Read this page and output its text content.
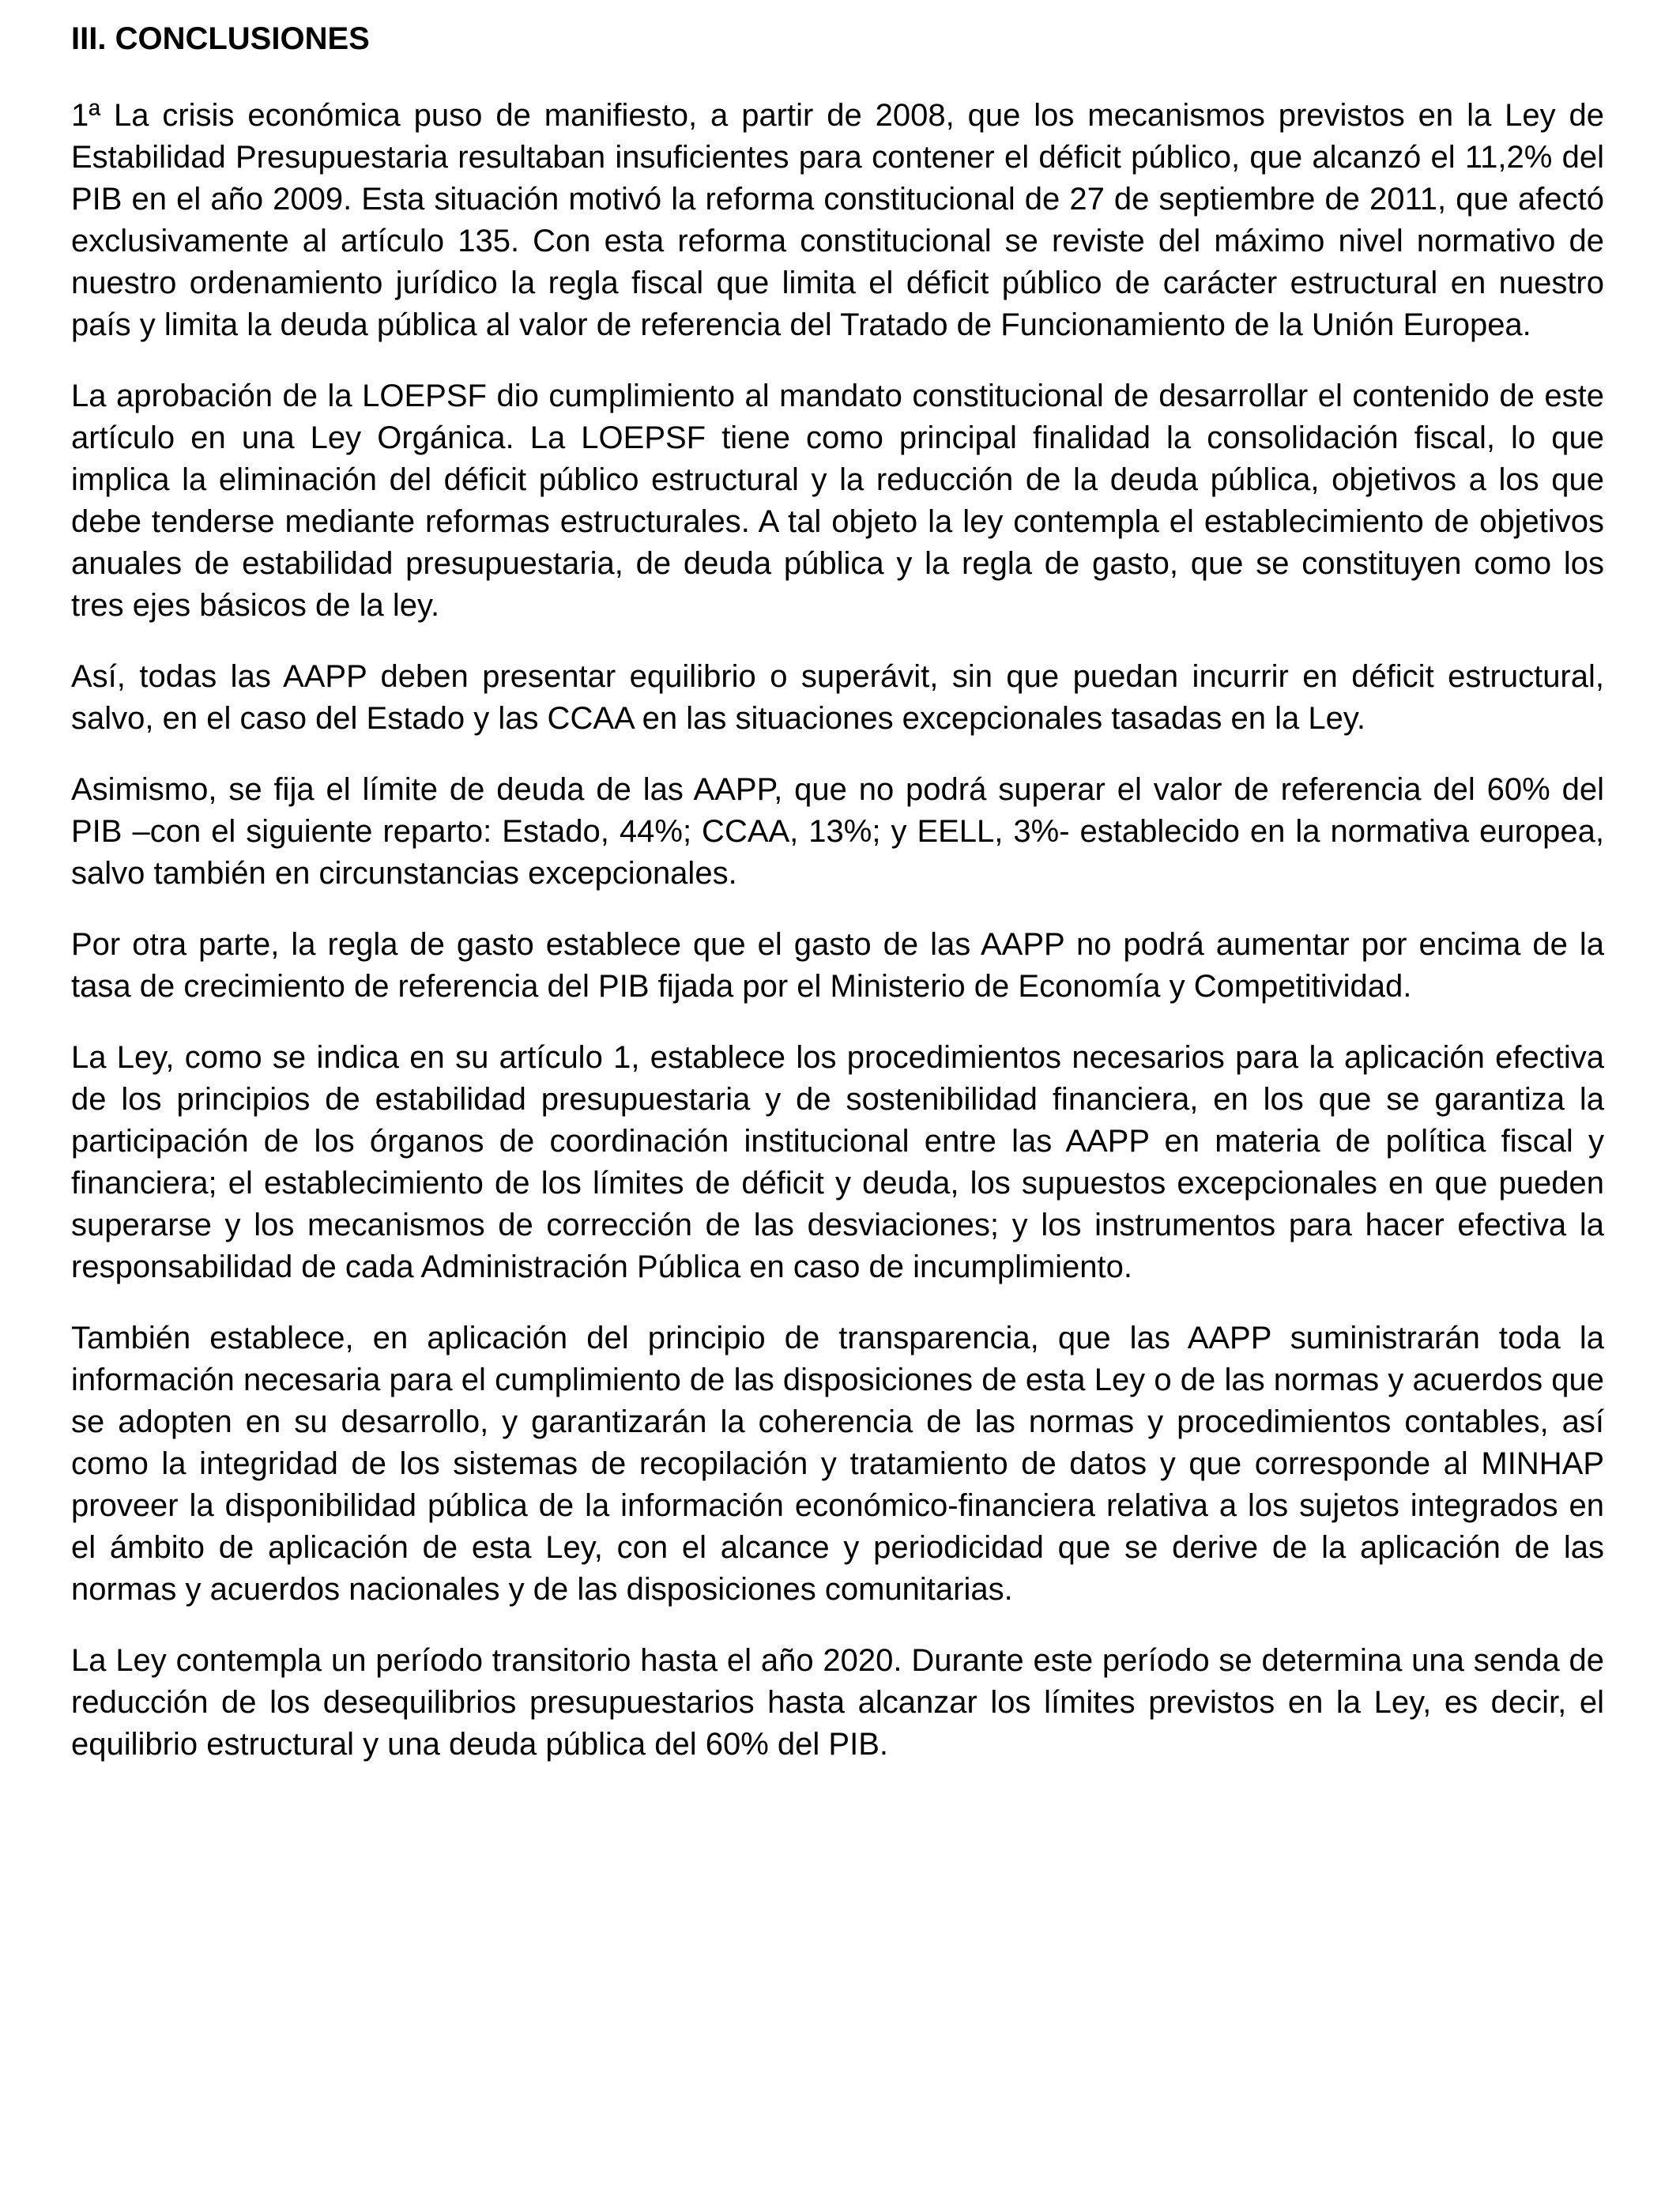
III. CONCLUSIONES

1ª La crisis económica puso de manifiesto, a partir de 2008, que los mecanismos previstos en la Ley de Estabilidad Presupuestaria resultaban insuficientes para contener el déficit público, que alcanzó el 11,2% del PIB en el año 2009. Esta situación motivó la reforma constitucional de 27 de septiembre de 2011, que afectó exclusivamente al artículo 135. Con esta reforma constitucional se reviste del máximo nivel normativo de nuestro ordenamiento jurídico la regla fiscal que limita el déficit público de carácter estructural en nuestro país y limita la deuda pública al valor de referencia del Tratado de Funcionamiento de la Unión Europea.

La aprobación de la LOEPSF dio cumplimiento al mandato constitucional de desarrollar el contenido de este artículo en una Ley Orgánica. La LOEPSF tiene como principal finalidad la consolidación fiscal, lo que implica la eliminación del déficit público estructural y la reducción de la deuda pública, objetivos a los que debe tenderse mediante reformas estructurales. A tal objeto la ley contempla el establecimiento de objetivos anuales de estabilidad presupuestaria, de deuda pública y la regla de gasto, que se constituyen como los tres ejes básicos de la ley.

Así, todas las AAPP deben presentar equilibrio o superávit, sin que puedan incurrir en déficit estructural, salvo, en el caso del Estado y las CCAA en las situaciones excepcionales tasadas en la Ley.

Asimismo, se fija el límite de deuda de las AAPP, que no podrá superar el valor de referencia del 60% del PIB –con el siguiente reparto: Estado, 44%; CCAA, 13%; y EELL, 3%- establecido en la normativa europea, salvo también en circunstancias excepcionales.

Por otra parte, la regla de gasto establece que el gasto de las AAPP no podrá aumentar por encima de la tasa de crecimiento de referencia del PIB fijada por el Ministerio de Economía y Competitividad.

La Ley, como se indica en su artículo 1, establece los procedimientos necesarios para la aplicación efectiva de los principios de estabilidad presupuestaria y de sostenibilidad financiera, en los que se garantiza la participación de los órganos de coordinación institucional entre las AAPP en materia de política fiscal y financiera; el establecimiento de los límites de déficit y deuda, los supuestos excepcionales en que pueden superarse y los mecanismos de corrección de las desviaciones; y los instrumentos para hacer efectiva la responsabilidad de cada Administración Pública en caso de incumplimiento.

También establece, en aplicación del principio de transparencia, que las AAPP suministrarán toda la información necesaria para el cumplimiento de las disposiciones de esta Ley o de las normas y acuerdos que se adopten en su desarrollo, y garantizarán la coherencia de las normas y procedimientos contables, así como la integridad de los sistemas de recopilación y tratamiento de datos y que corresponde al MINHAP proveer la disponibilidad pública de la información económico-financiera relativa a los sujetos integrados en el ámbito de aplicación de esta Ley, con el alcance y periodicidad que se derive de la aplicación de las normas y acuerdos nacionales y de las disposiciones comunitarias.

La Ley contempla un período transitorio hasta el año 2020. Durante este período se determina una senda de reducción de los desequilibrios presupuestarios hasta alcanzar los límites previstos en la Ley, es decir, el equilibrio estructural y una deuda pública del 60% del PIB.
